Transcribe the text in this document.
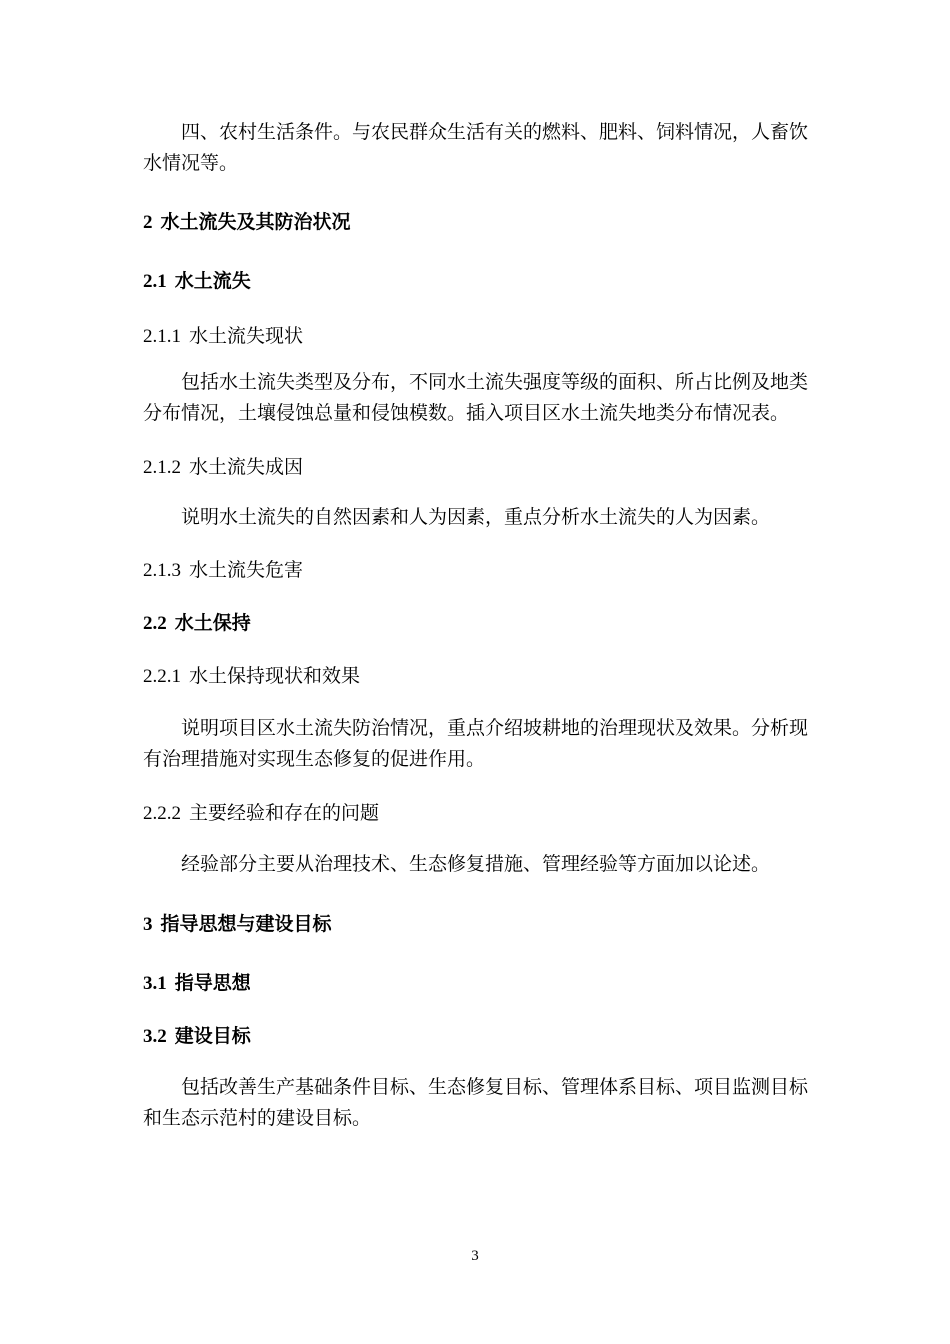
四、农村生活条件。与农民群众生活有关的燃料、肥料、饲料情况，人畜饮水情况等。
2 水土流失及其防治状况
2.1 水土流失
2.1.1 水土流失现状
包括水土流失类型及分布，不同水土流失强度等级的面积、所占比例及地类分布情况，土壤侵蚀总量和侵蚀模数。插入项目区水土流失地类分布情况表。
2.1.2 水土流失成因
说明水土流失的自然因素和人为因素，重点分析水土流失的人为因素。
2.1.3 水土流失危害
2.2 水土保持
2.2.1 水土保持现状和效果
说明项目区水土流失防治情况，重点介绍坡耕地的治理现状及效果。分析现有治理措施对实现生态修复的促进作用。
2.2.2 主要经验和存在的问题
经验部分主要从治理技术、生态修复措施、管理经验等方面加以论述。
3 指导思想与建设目标
3.1 指导思想
3.2 建设目标
包括改善生产基础条件目标、生态修复目标、管理体系目标、项目监测目标和生态示范村的建设目标。
3
